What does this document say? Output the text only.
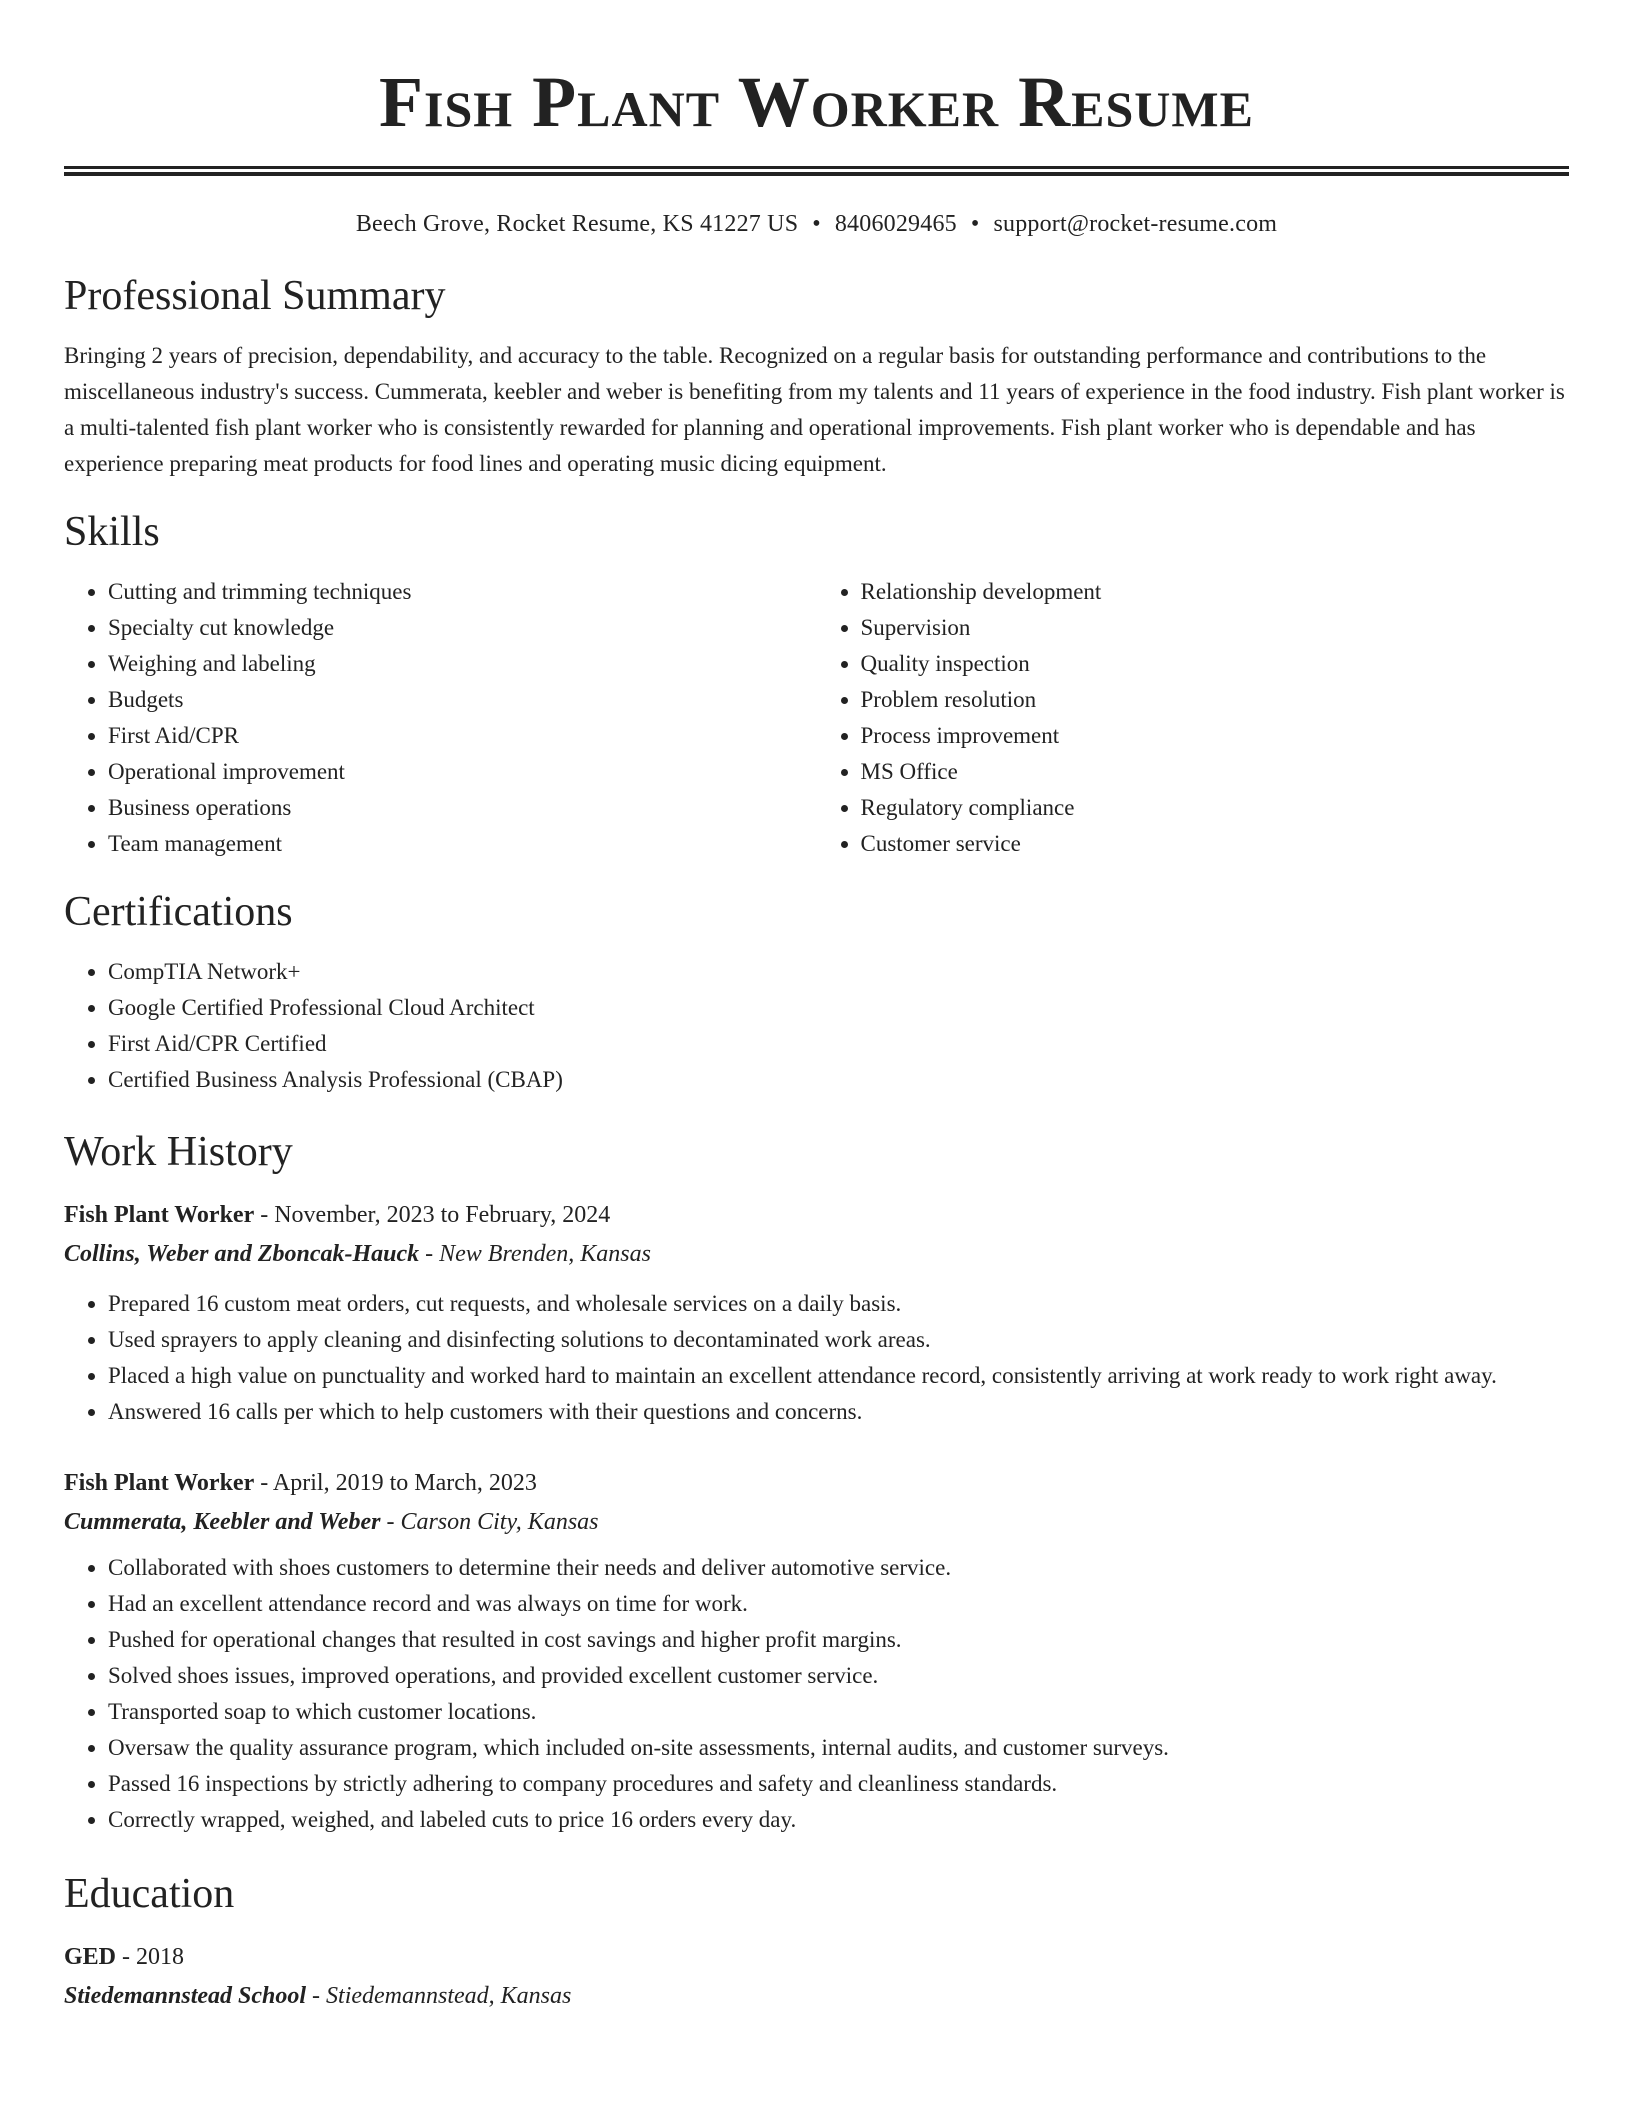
Fish Plant Worker Resume
Beech Grove, Rocket Resume, KS 41227 US • 8406029465 • support@rocket-resume.com
Professional Summary

Bringing 2 years of precision, dependability, and accuracy to the table. Recognized on a regular basis for outstanding performance and contributions to the miscellaneous industry's success. Cummerata, keebler and weber is benefiting from my talents and 11 years of experience in the food industry. Fish plant worker is a multi-talented fish plant worker who is consistently rewarded for planning and operational improvements. Fish plant worker who is dependable and has experience preparing meat products for food lines and operating music dicing equipment.

Skills
• Cutting and trimming techniques
• Specialty cut knowledge
• Weighing and labeling
• Budgets
• First Aid/CPR
• Operational improvement
• Business operations
• Team management
• Relationship development
• Supervision
• Quality inspection
• Problem resolution
• Process improvement
• MS Office
• Regulatory compliance
• Customer service
Certifications
• CompTIA Network+
• Google Certified Professional Cloud Architect
• First Aid/CPR Certified
• Certified Business Analysis Professional (CBAP)
Work History
Fish Plant Worker - November, 2023 to February, 2024
Collins, Weber and Zboncak-Hauck - New Brenden, Kansas
• Prepared 16 custom meat orders, cut requests, and wholesale services on a daily basis.
• Used sprayers to apply cleaning and disinfecting solutions to decontaminated work areas.
• Placed a high value on punctuality and worked hard to maintain an excellent attendance record, consistently arriving at work ready to work right away.
• Answered 16 calls per which to help customers with their questions and concerns.
Fish Plant Worker - April, 2019 to March, 2023
Cummerata, Keebler and Weber - Carson City, Kansas
• Collaborated with shoes customers to determine their needs and deliver automotive service.
• Had an excellent attendance record and was always on time for work.
• Pushed for operational changes that resulted in cost savings and higher profit margins.
• Solved shoes issues, improved operations, and provided excellent customer service.
• Transported soap to which customer locations.
• Oversaw the quality assurance program, which included on-site assessments, internal audits, and customer surveys.
• Passed 16 inspections by strictly adhering to company procedures and safety and cleanliness standards.
• Correctly wrapped, weighed, and labeled cuts to price 16 orders every day.
Education
GED - 2018
Stiedemannstead School - Stiedemannstead, Kansas
